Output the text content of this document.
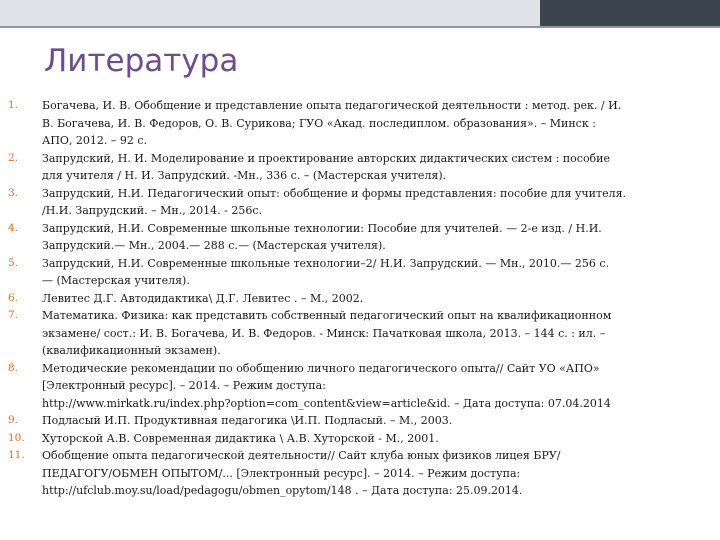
Литература
1.	Богачева, И. В. Обобщение и представление опыта педагогической деятельности : метод. рек. / И.
В. Богачева, И. В. Федоров, О. В. Сурикова; ГУО «Акад. последиплом. образования». – Минск :
АПО, 2012. – 92 с.
2.	Запрудский, Н. И. Моделирование и проектирование авторских дидактических систем : пособие
для учителя / Н. И. Запрудский. -Мн., 336 с. – (Мастерская учителя).
3.	Запрудский, Н.И. Педагогический опыт: обобщение и формы представления: пособие для учителя.
/Н.И. Запрудский. – Мн., 2014. - 256с.
4.	Запрудский, Н.И. Современные школьные технологии: Пособие для учителей. — 2-е изд. / Н.И.
Запрудский.— Мн., 2004.— 288 с.— (Мастерская учителя).
5.	Запрудский, Н.И. Современные школьные технологии–2/ Н.И. Запрудский. — Мн., 2010.— 256 с.
— (Мастерская учителя).
6.	Левитес Д.Г. Автодидактика\ Д.Г. Левитес . – М., 2002.
7.	Математика. Физика: как представить собственный педагогический опыт на квалификационном
экзамене/ сост.: И. В. Богачева, И. В. Федоров. - Минск: Пачатковая школа, 2013. – 144 с. : ил. –
(квалификационный экзамен).
8.	Методические рекомендации по обобщению личного педагогического опыта// Сайт УО «АПО»
[Электронный ресурс]. – 2014. – Режим доступа:
http://www.mirkatk.ru/index.php?option=com_content&view=article&id. – Дата доступа: 07.04.2014
9.	Подласый И.П. Продуктивная педагогика \И.П. Подласый. – М., 2003.
10.	Хуторской А.В. Современная дидактика \ А.В. Хуторской - М., 2001.
11.	Обобщение опыта педагогической деятельности// Сайт клуба юных физиков лицея БРУ/
ПЕДАГОГУ/ОБМЕН ОПЫТОМ/... [Электронный ресурс]. – 2014. – Режим доступа:
http://ufclub.moy.su/load/pedagogu/obmen_opytom/148 . – Дата доступа: 25.09.2014.
